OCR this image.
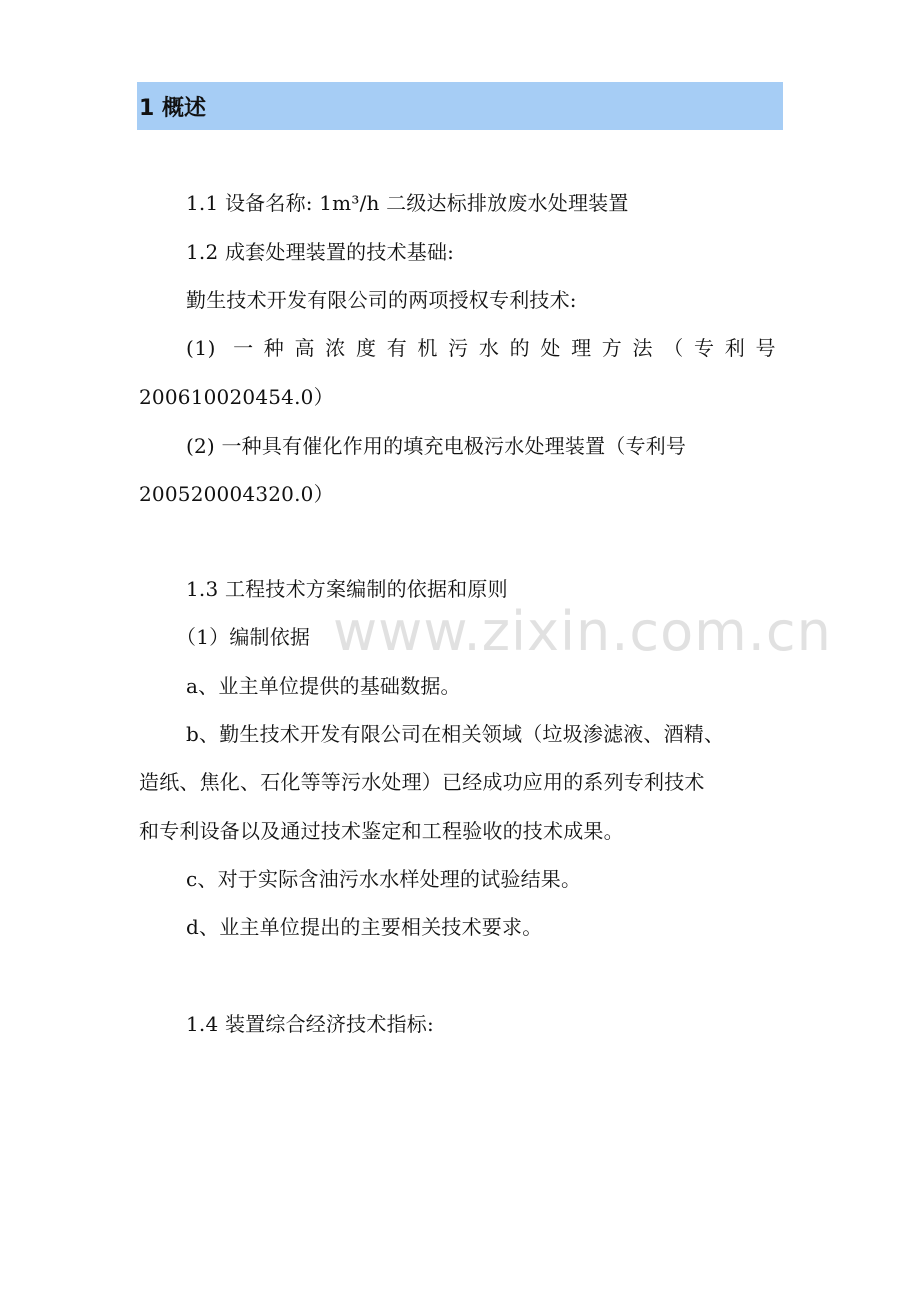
1 概述
1.1 设备名称: 1m³/h 二级达标排放废水处理装置
1.2 成套处理装置的技术基础:
勤生技术开发有限公司的两项授权专利技术:
(1) 一种高浓度有机污水的处理方法（专利号
200610020454.0）
(2) 一种具有催化作用的填充电极污水处理装置（专利号
200520004320.0）
1.3 工程技术方案编制的依据和原则
（1）编制依据
a、业主单位提供的基础数据。
b、勤生技术开发有限公司在相关领域（垃圾渗滤液、酒精、
造纸、焦化、石化等等污水处理）已经成功应用的系列专利技术
和专利设备以及通过技术鉴定和工程验收的技术成果。
c、对于实际含油污水水样处理的试验结果。
d、业主单位提出的主要相关技术要求。
1.4 装置综合经济技术指标:
www.zixin.com.cn
